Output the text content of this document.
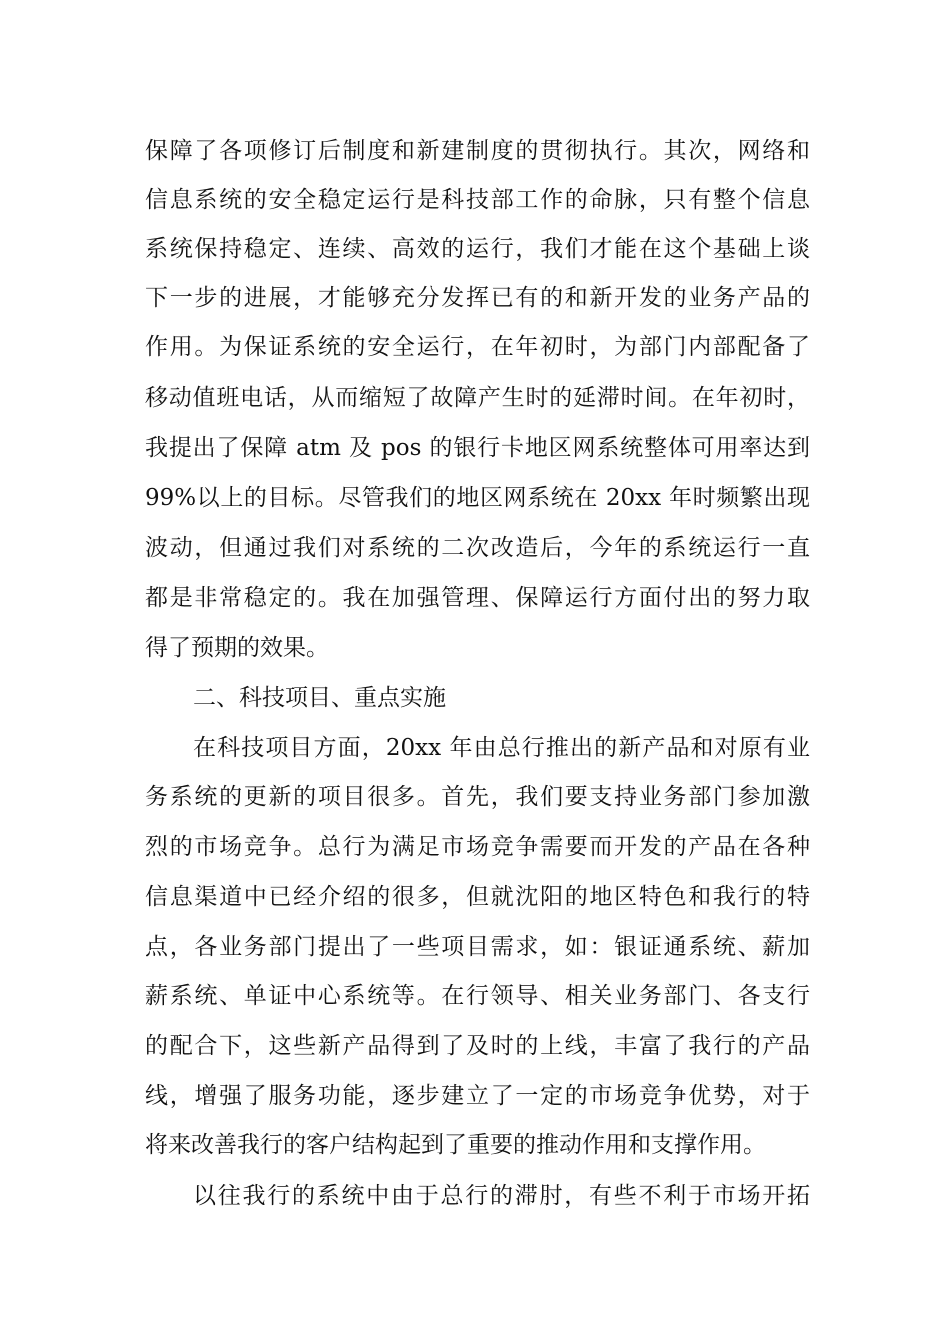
保障了各项修订后制度和新建制度的贯彻执行。其次，网络和
信息系统的安全稳定运行是科技部工作的命脉，只有整个信息
系统保持稳定、连续、高效的运行，我们才能在这个基础上谈
下一步的进展，才能够充分发挥已有的和新开发的业务产品的
作用。为保证系统的安全运行，在年初时，为部门内部配备了
移动值班电话，从而缩短了故障产生时的延滞时间。在年初时，
我提出了保障 atm 及 pos 的银行卡地区网系统整体可用率达到
99%以上的目标。尽管我们的地区网系统在 20xx 年时频繁出现
波动，但通过我们对系统的二次改造后，今年的系统运行一直
都是非常稳定的。我在加强管理、保障运行方面付出的努力取
得了预期的效果。
二、科技项目、重点实施
在科技项目方面，20xx 年由总行推出的新产品和对原有业
务系统的更新的项目很多。首先，我们要支持业务部门参加激
烈的市场竞争。总行为满足市场竞争需要而开发的产品在各种
信息渠道中已经介绍的很多，但就沈阳的地区特色和我行的特
点，各业务部门提出了一些项目需求，如：银证通系统、薪加
薪系统、单证中心系统等。在行领导、相关业务部门、各支行
的配合下，这些新产品得到了及时的上线，丰富了我行的产品
线，增强了服务功能，逐步建立了一定的市场竞争优势，对于
将来改善我行的客户结构起到了重要的推动作用和支撑作用。
以往我行的系统中由于总行的滞肘，有些不利于市场开拓
